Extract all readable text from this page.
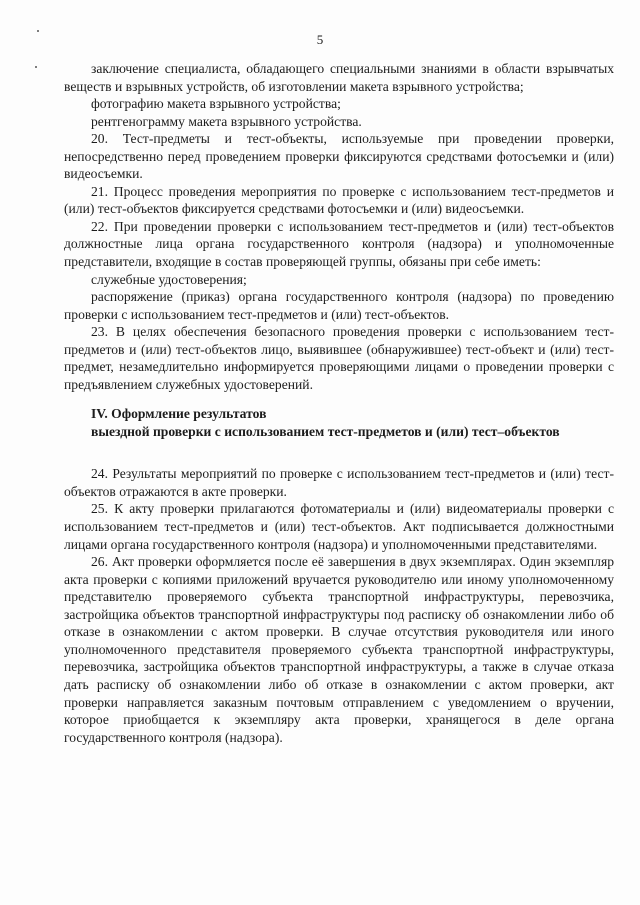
5

заключение специалиста, обладающего специальными знаниями в области взрывчатых веществ и взрывных устройств, об изготовлении макета взрывного устройства;

фотографию макета взрывного устройства;

рентгенограмму макета взрывного устройства.

20. Тест-предметы и тест-объекты, используемые при проведении проверки, непосредственно перед проведением проверки фиксируются средствами фотосъемки и (или) видеосъемки.

21. Процесс проведения мероприятия по проверке с использованием тест-предметов и (или) тест-объектов фиксируется средствами фотосъемки и (или) видеосъемки.

22. При проведении проверки с использованием тест-предметов и (или) тест-объектов должностные лица органа государственного контроля (надзора) и уполномоченные представители, входящие в состав проверяющей группы, обязаны при себе иметь:

служебные удостоверения;

распоряжение (приказ) органа государственного контроля (надзора) по проведению проверки с использованием тест-предметов и (или) тест-объектов.

23. В целях обеспечения безопасного проведения проверки с использованием тест-предметов и (или) тест-объектов лицо, выявившее (обнаружившее) тест-объект и (или) тест-предмет, незамедлительно информируется проверяющими лицами о проведении проверки с предъявлением служебных удостоверений.

IV. Оформление результатов

выездной проверки с использованием тест-предметов и (или) тест–объектов

24. Результаты мероприятий по проверке с использованием тест-предметов и (или) тест-объектов отражаются в акте проверки.

25. К акту проверки прилагаются фотоматериалы и (или) видеоматериалы проверки с использованием тест-предметов и (или) тест-объектов. Акт подписывается должностными лицами органа государственного контроля (надзора) и уполномоченными представителями.

26. Акт проверки оформляется после её завершения в двух экземплярах. Один экземпляр акта проверки с копиями приложений вручается руководителю или иному уполномоченному представителю проверяемого субъекта транспортной инфраструктуры, перевозчика, застройщика объектов транспортной инфраструктуры под расписку об ознакомлении либо об отказе в ознакомлении с актом проверки. В случае отсутствия руководителя или иного уполномоченного представителя проверяемого субъекта транспортной инфраструктуры, перевозчика, застройщика объектов транспортной инфраструктуры, а также в случае отказа дать расписку об ознакомлении либо об отказе в ознакомлении с актом проверки, акт проверки направляется заказным почтовым отправлением с уведомлением о вручении, которое приобщается к экземпляру акта проверки, хранящегося в деле органа государственного контроля (надзора).
